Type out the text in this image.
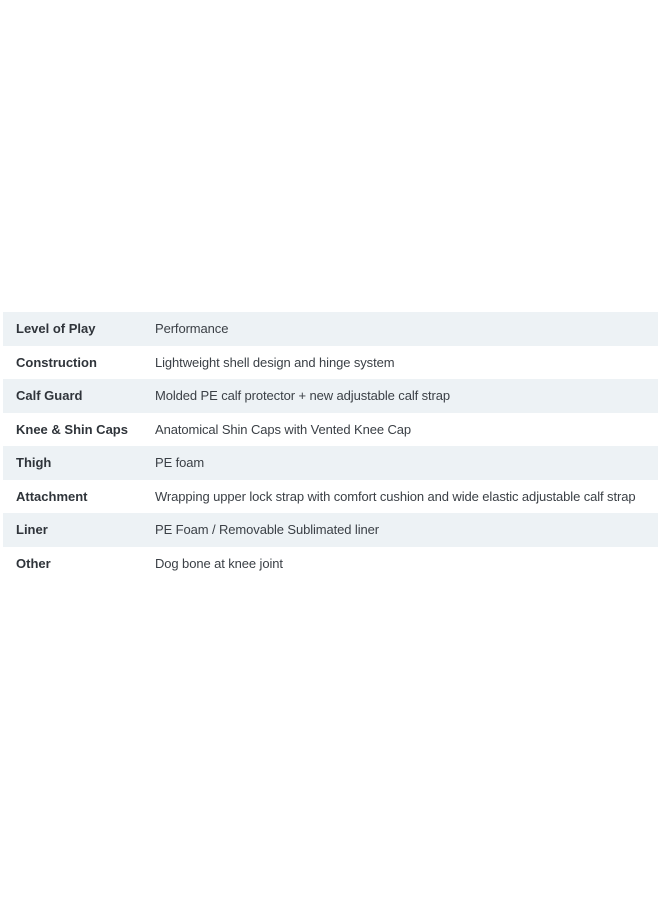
Level of Play	Performance
Construction	Lightweight shell design and hinge system
Calf Guard	Molded PE calf protector + new adjustable calf strap
Knee & Shin Caps	Anatomical Shin Caps with Vented Knee Cap
Thigh	PE foam
Attachment	Wrapping upper lock strap with comfort cushion and wide elastic adjustable calf strap
Liner	PE Foam / Removable Sublimated liner
Other	Dog bone at knee joint
